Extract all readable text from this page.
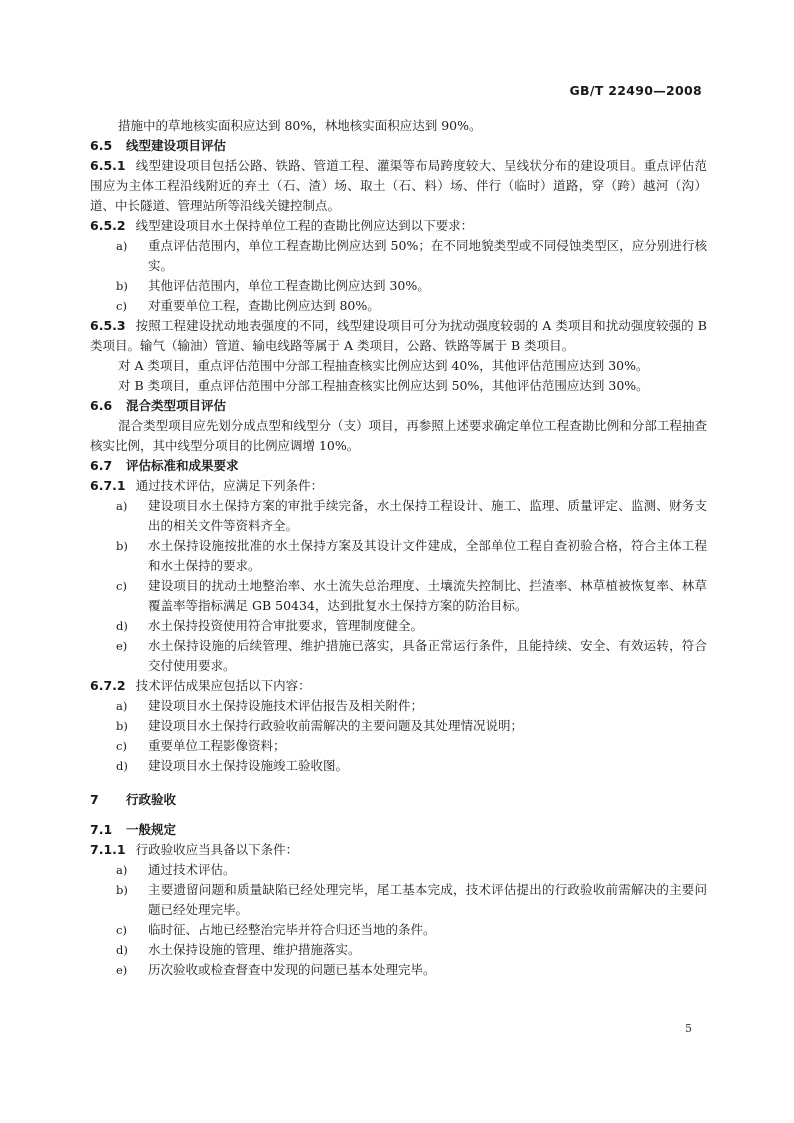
GB/T 22490—2008

措施中的草地核实面积应达到 80%，林地核实面积应达到 90%。

6.5 线型建设项目评估

6.5.1 线型建设项目包括公路、铁路、管道工程、灌渠等布局跨度较大、呈线状分布的建设项目。重点评估范围应为主体工程沿线附近的弃土（石、渣）场、取土（石、料）场、伴行（临时）道路，穿（跨）越河（沟）道、中长隧道、管理站所等沿线关键控制点。

6.5.2 线型建设项目水土保持单位工程的查勘比例应达到以下要求：

a)	重点评估范围内，单位工程查勘比例应达到 50%；在不同地貌类型或不同侵蚀类型区，应分别进行核实。
b)	其他评估范围内，单位工程查勘比例应达到 30%。
c)	对重要单位工程，查勘比例应达到 80%。

6.5.3 按照工程建设扰动地表强度的不同，线型建设项目可分为扰动强度较弱的 A 类项目和扰动强度较强的 B 类项目。输气（输油）管道、输电线路等属于 A 类项目，公路、铁路等属于 B 类项目。

对 A 类项目，重点评估范围中分部工程抽查核实比例应达到 40%，其他评估范围应达到 30%。

对 B 类项目，重点评估范围中分部工程抽查核实比例应达到 50%，其他评估范围应达到 30%。

6.6 混合类型项目评估

混合类型项目应先划分成点型和线型分（支）项目，再参照上述要求确定单位工程查勘比例和分部工程抽查核实比例，其中线型分项目的比例应调增 10%。

6.7 评估标准和成果要求

6.7.1 通过技术评估，应满足下列条件：

a)	建设项目水土保持方案的审批手续完备，水土保持工程设计、施工、监理、质量评定、监测、财务支出的相关文件等资料齐全。
b)	水土保持设施按批准的水土保持方案及其设计文件建成，全部单位工程自查初验合格，符合主体工程和水土保持的要求。
c)	建设项目的扰动土地整治率、水土流失总治理度、土壤流失控制比、拦渣率、林草植被恢复率、林草覆盖率等指标满足 GB 50434，达到批复水土保持方案的防治目标。
d)	水土保持投资使用符合审批要求，管理制度健全。
e)	水土保持设施的后续管理、维护措施已落实，具备正常运行条件，且能持续、安全、有效运转，符合交付使用要求。

6.7.2 技术评估成果应包括以下内容：

a)	建设项目水土保持设施技术评估报告及相关附件；
b)	建设项目水土保持行政验收前需解决的主要问题及其处理情况说明；
c)	重要单位工程影像资料；
d)	建设项目水土保持设施竣工验收图。

7 行政验收

7.1 一般规定

7.1.1 行政验收应当具备以下条件：

a)	通过技术评估。
b)	主要遗留问题和质量缺陷已经处理完毕，尾工基本完成，技术评估提出的行政验收前需解决的主要问题已经处理完毕。
c)	临时征、占地已经整治完毕并符合归还当地的条件。
d)	水土保持设施的管理、维护措施落实。
e)	历次验收或检查督查中发现的问题已基本处理完毕。
5
